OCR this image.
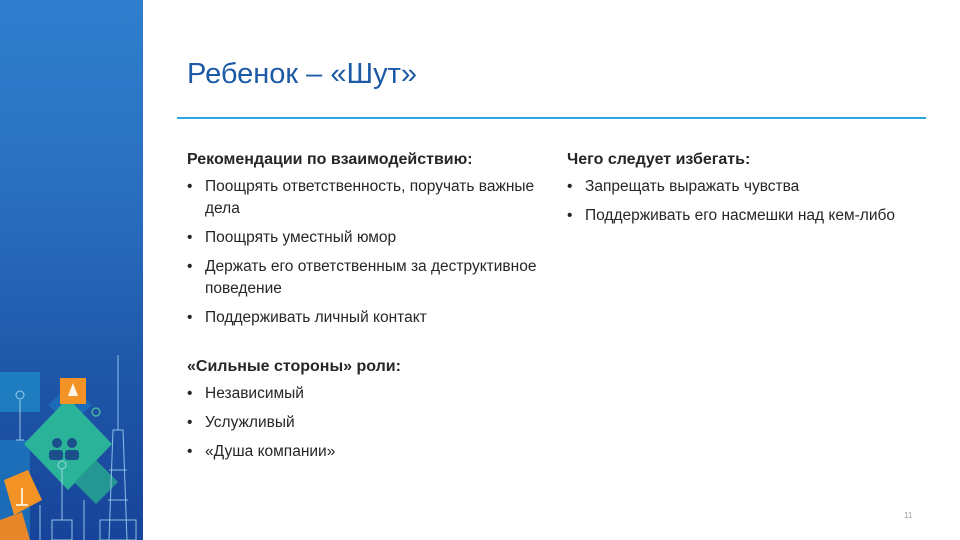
Ребенок – «Шут»
Рекомендации по взаимодействию:
• Поощрять ответственность, поручать важные дела
• Поощрять уместный юмор
• Держать его ответственным за деструктивное поведение
• Поддерживать личный контакт
«Сильные стороны» роли:
• Независимый
• Услужливый
• «Душа компании»
Чего следует избегать:
• Запрещать выражать чувства
• Поддерживать его насмешки над кем-либо
11
